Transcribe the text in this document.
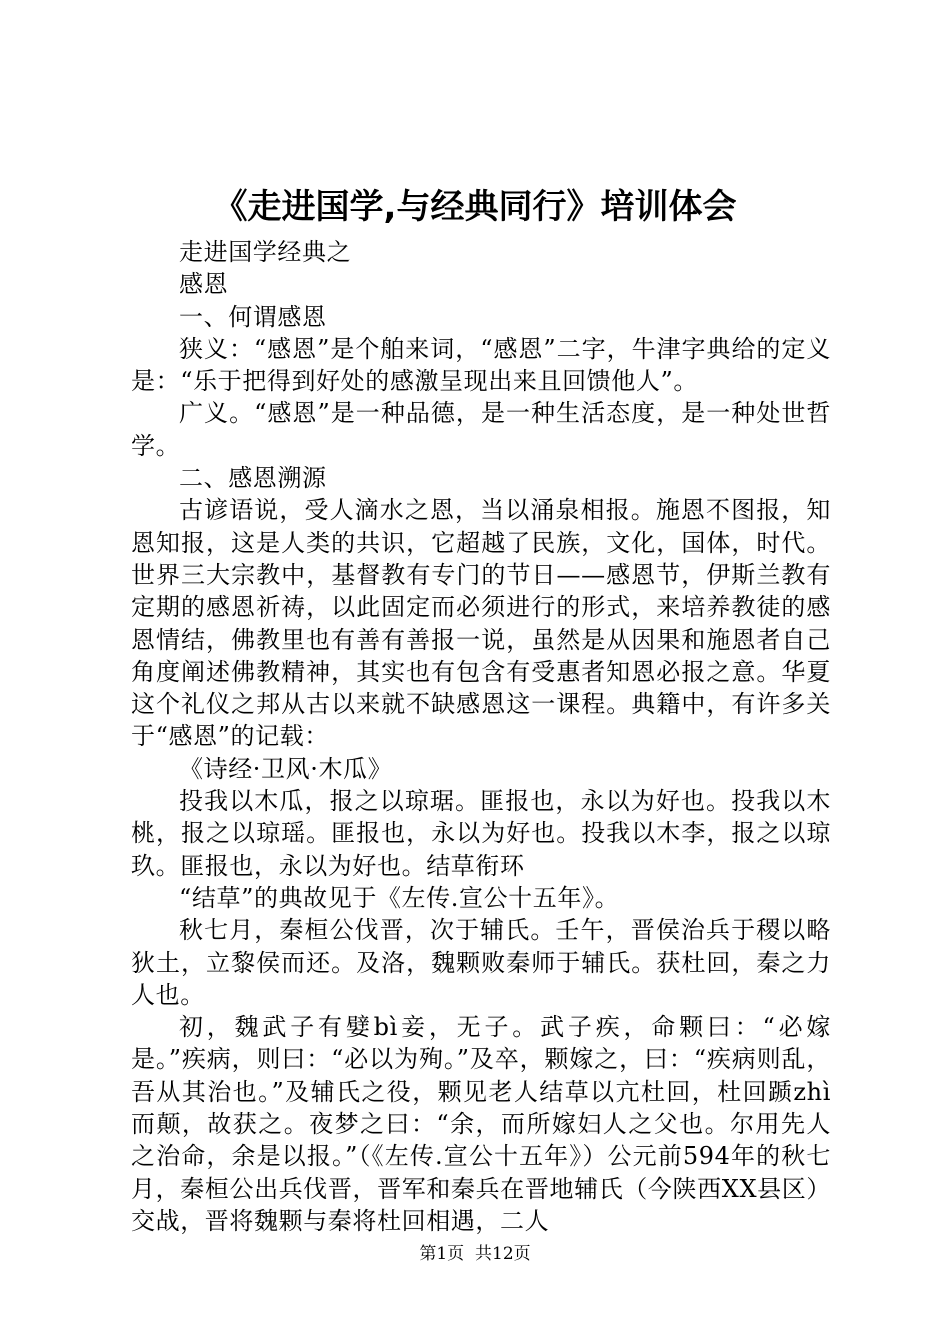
《走进国学,与经典同行》培训体会

走进国学经典之

感恩

一、何谓感恩

狭义：“感恩”是个舶来词，“感恩”二字，牛津字典给的定义是：“乐于把得到好处的感激呈现出来且回馈他人”。

广义。“感恩”是一种品德，是一种生活态度，是一种处世哲学。

二、感恩溯源

古谚语说，受人滴水之恩，当以涌泉相报。施恩不图报，知恩知报，这是人类的共识，它超越了民族，文化，国体，时代。世界三大宗教中，基督教有专门的节日——感恩节，伊斯兰教有定期的感恩祈祷，以此固定而必须进行的形式，来培养教徒的感恩情结，佛教里也有善有善报一说，虽然是从因果和施恩者自己角度阐述佛教精神，其实也有包含有受惠者知恩必报之意。华夏这个礼仪之邦从古以来就不缺感恩这一课程。典籍中，有许多关于“感恩”的记载：

《诗经·卫风·木瓜》

投我以木瓜，报之以琼琚。匪报也，永以为好也。投我以木桃，报之以琼瑶。匪报也，永以为好也。投我以木李，报之以琼玖。匪报也，永以为好也。结草衔环

“结草”的典故见于《左传.宣公十五年》。

秋七月，秦桓公伐晋，次于辅氏。壬午，晋侯治兵于稷以略狄土，立黎侯而还。及洛，魏颗败秦师于辅氏。获杜回，秦之力人也。

初，魏武子有嬖bì妾，无子。武子疾，命颗曰：“必嫁是。”疾病，则曰：“必以为殉。”及卒，颗嫁之，曰：“疾病则乱，吾从其治也。”及辅氏之役，颗见老人结草以亢杜回，杜回踬zhì而颠，故获之。夜梦之曰：“余，而所嫁妇人之父也。尔用先人之治命，余是以报。”（《左传.宣公十五年》）公元前594年的秋七月，秦桓公出兵伐晋，晋军和秦兵在晋地辅氏（今陕西XX县区）交战，晋将魏颗与秦将杜回相遇，二人

第1页 共12页
